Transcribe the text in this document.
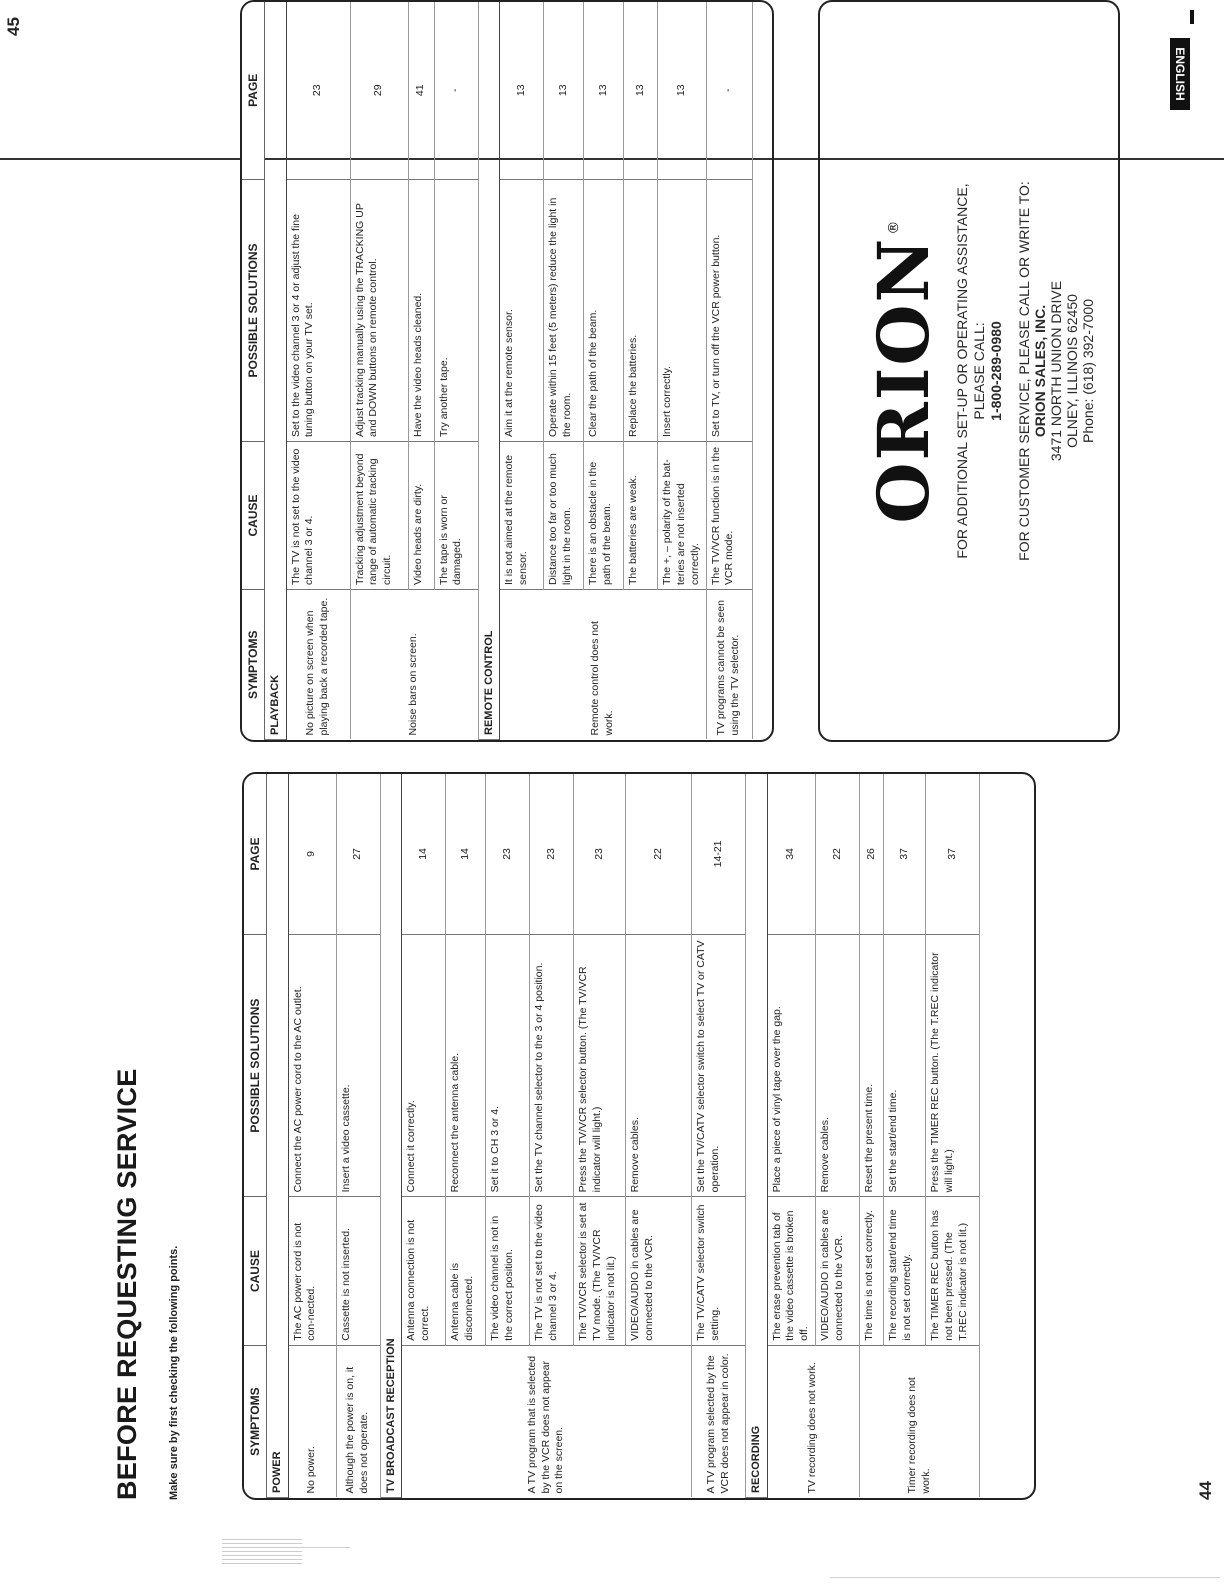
BEFORE REQUESTING SERVICE Make sure by first checking the following points.	44
45
ENGLISH
SYMPTOMS	CAUSE	POSSIBLE SOLUTIONS	PAGE
POWER			
No power.	The AC power cord is not con-nected.	Connect the AC power cord to the AC outlet.	9
Although the power is on, it does not operate.	Cassette is not inserted.	Insert a video cassette.	27
TV BROADCAST RECEPTION			
A TV program that is selected by the VCR does not appear on the screen.	Antenna connection is not correct.	Connect it correctly.	14
	Antenna cable is disconnected.	Reconnect the antenna cable.	14
	The video channel is not in the correct position.	Set it to CH 3 or 4.	23
	The TV is not set to the video channel 3 or 4.	Set the TV channel selector to the 3 or 4 position.	23
	The TV/VCR selector is set at TV mode. (The TV/VCR indicator is not lit.)	Press the TV/VCR selector button. (The TV/VCR indicator will light.)	23
	VIDEO/AUDIO in cables are connected to the VCR.	Remove cables.	22
A TV program selected by the VCR does not appear in color.	The TV/CATV selector switch setting.	Set the TV/CATV selector switch to select TV or CATV operation.	14-21
RECORDING			
TV recording does not work.	The erase prevention tab of the video cassette is broken off.	Place a piece of vinyl tape over the gap.	34
	VIDEO/AUDIO in cables are connected to the VCR.	Remove cables.	22
Timer recording does not work.	The time is not set correctly.	Reset the present time.	26
	The recording start/end time is not set correctly.	Set the start/end time.	37
	The TIMER REC button has not been pressed. (The T.REC indicator is not lit.)	Press the TIMER REC button. (The T.REC indicator will light.)	37
SYMPTOMS	CAUSE	POSSIBLE SOLUTIONS	PAGE
PLAYBACK			
No picture on screen when playing back a recorded tape.	The TV is not set to the video channel 3 or 4.	Set to the video channel 3 or 4 or adjust the fine tuning button on your TV set.	23
Noise bars on screen.	Tracking adjustment beyond range of automatic tracking circuit.	Adjust tracking manually using the TRACKING UP and DOWN buttons on remote control.	29
	Video heads are dirty.	Have the video heads cleaned.	41
	The tape is worn or damaged.	Try another tape.	-
REMOTE CONTROL			
Remote control does not work.	It is not aimed at the remote sensor.	Aim it at the remote sensor.	13
	Distance too far or too much light in the room.	Operate within 15 feet (5 meters) reduce the light in the room.	13
	There is an obstacle in the path of the beam.	Clear the path of the beam.	13
	The batteries are weak.	Replace the batteries.	13
	The +, – polarity of the bat-teries are not inserted correctly.	Insert correctly.	13
TV programs cannot be seen using the TV selector.	The TV/VCR function is in the VCR mode.	Set to TV, or turn off the VCR power button.	-
ORION®	FOR ADDITIONAL SET-UP OR OPERATING ASSISTANCE, PLEASE CALL: 1-800-289-0980 FOR CUSTOMER SERVICE, PLEASE CALL OR WRITE TO: ORION SALES, INC. 3471 NORTH UNION DRIVE OLNEY, ILLINOIS 62450 Phone: (618) 392-7000
